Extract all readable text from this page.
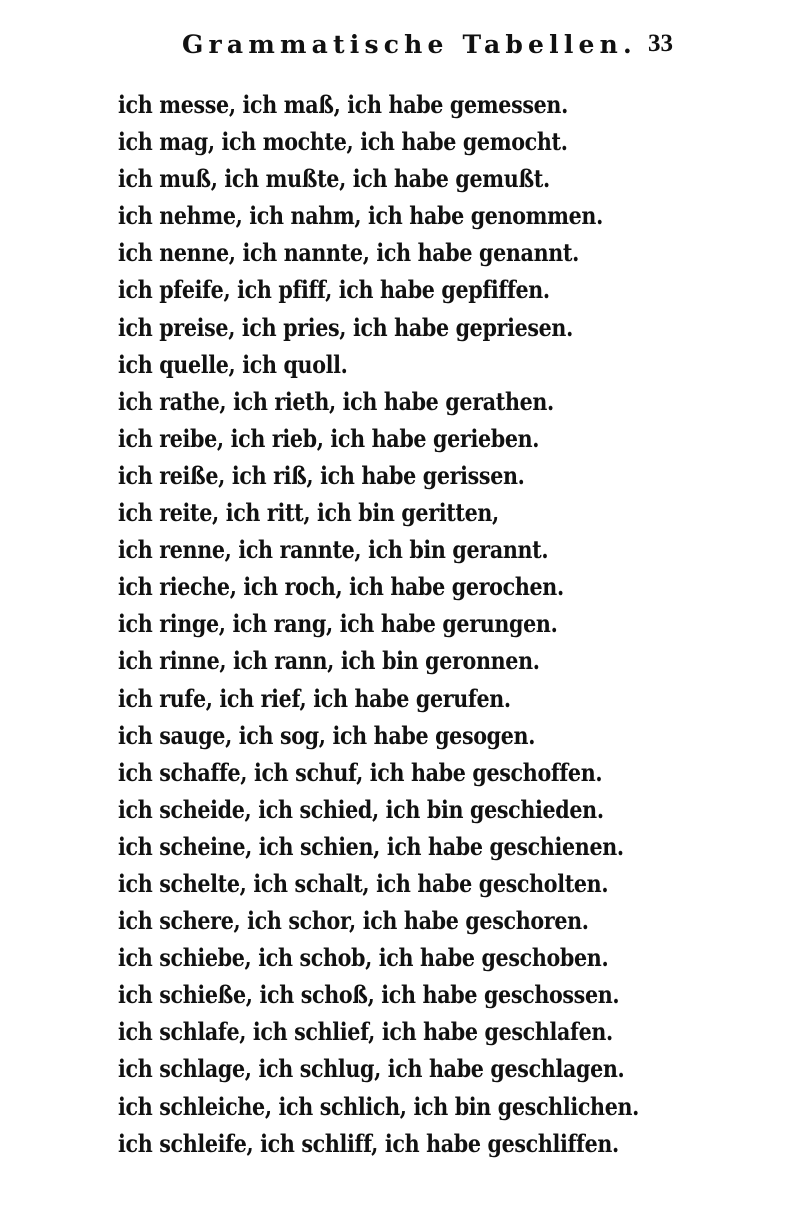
Grammatische Tabellen. 33
ich messe, ich maß, ich habe gemessen.
ich mag, ich mochte, ich habe gemocht.
ich muß, ich mußte, ich habe gemußt.
ich nehme, ich nahm, ich habe genommen.
ich nenne, ich nannte, ich habe genannt.
ich pfeife, ich pfiff, ich habe gepfiffen.
ich preise, ich pries, ich habe gepriesen.
ich quelle, ich quoll.
ich rathe, ich rieth, ich habe gerathen.
ich reibe, ich rieb, ich habe gerieben.
ich reiße, ich riß, ich habe gerissen.
ich reite, ich ritt, ich bin geritten,
ich renne, ich rannte, ich bin gerannt.
ich rieche, ich roch, ich habe gerochen.
ich ringe, ich rang, ich habe gerungen.
ich rinne, ich rann, ich bin geronnen.
ich rufe, ich rief, ich habe gerufen.
ich sauge, ich sog, ich habe gesogen.
ich schaffe, ich schuf, ich habe geschoffen.
ich scheide, ich schied, ich bin geschieden.
ich scheine, ich schien, ich habe geschienen.
ich schelte, ich schalt, ich habe gescholten.
ich schere, ich schor, ich habe geschoren.
ich schiebe, ich schob, ich habe geschoben.
ich schieße, ich schoß, ich habe geschossen.
ich schlafe, ich schlief, ich habe geschlafen.
ich schlage, ich schlug, ich habe geschlagen.
ich schleiche, ich schlich, ich bin geschlichen.
ich schleife, ich schliff, ich habe geschliffen.
